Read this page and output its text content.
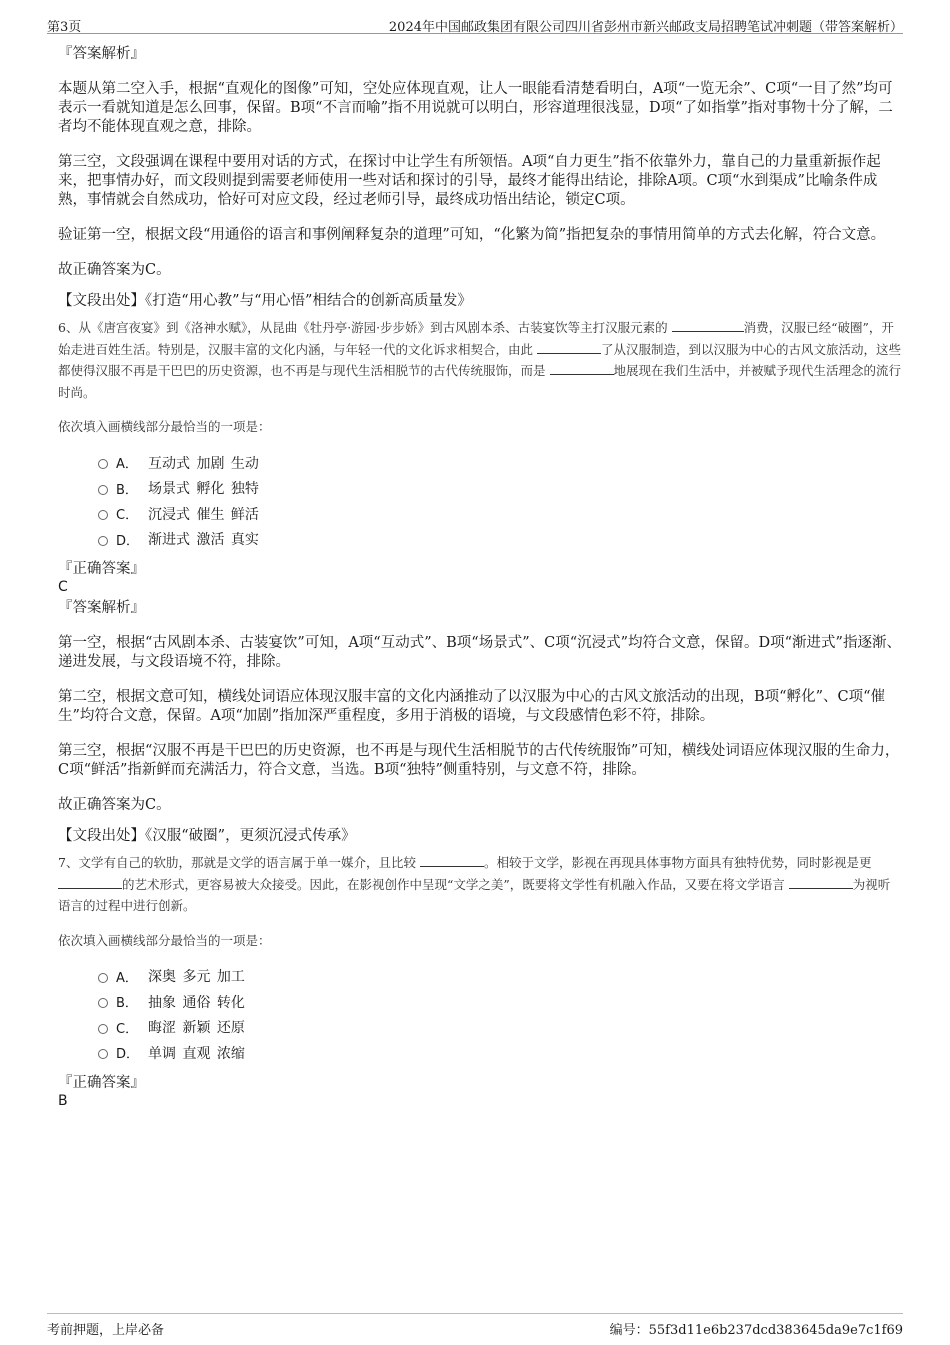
第3页	2024年中国邮政集团有限公司四川省彭州市新兴邮政支局招聘笔试冲刺题（带答案解析）
『答案解析』
本题从第二空入手，根据“直观化的图像”可知，空处应体现直观，让人一眼能看清楚看明白，A项“一览无余”、C项“一目了然”均可表示一看就知道是怎么回事，保留。B项“不言而喻”指不用说就可以明白，形容道理很浅显，D项“了如指掌”指对事物十分了解，二者均不能体现直观之意，排除。
第三空，文段强调在课程中要用对话的方式，在探讨中让学生有所领悟。A项“自力更生”指不依靠外力，靠自己的力量重新振作起来，把事情办好，而文段则提到需要老师使用一些对话和探讨的引导，最终才能得出结论，排除A项。C项“水到渠成”比喻条件成熟，事情就会自然成功，恰好可对应文段，经过老师引导，最终成功悟出结论，锁定C项。
验证第一空，根据文段“用通俗的语言和事例阐释复杂的道理”可知，“化繁为简”指把复杂的事情用简单的方式去化解，符合文意。
故正确答案为C。
【文段出处】《打造“用心教”与“用心悟”相结合的创新高质量发》
6、从《唐宫夜宴》到《洛神水赋》，从昆曲《牡丹亭·游园·步步娇》到古风剧本杀、古装宴饮等主打汉服元素的	消费，汉服已经“破圈”，开始走进百姓生活。特别是，汉服丰富的文化内涵，与年轻一代的文化诉求相契合，由此	了从汉服制造，到以汉服为中心的古风文旅活动，这些都使得汉服不再是干巴巴的历史资源，也不再是与现代生活相脱节的古代传统服饰，而是	地展现在我们生活中，并被赋予现代生活理念的流行时尚。
依次填入画横线部分最恰当的一项是：
A． 互动式 加剧 生动
B． 场景式 孵化 独特
C． 沉浸式 催生 鲜活
D． 渐进式 激活 真实
『正确答案』
C
『答案解析』
第一空，根据“古风剧本杀、古装宴饮”可知，A项“互动式”、B项“场景式”、C项“沉浸式”均符合文意，保留。D项“渐进式”指逐渐、递进发展，与文段语境不符，排除。
第二空，根据文意可知，横线处词语应体现汉服丰富的文化内涵推动了以汉服为中心的古风文旅活动的出现，B项“孵化”、C项“催生”均符合文意，保留。A项“加剧”指加深严重程度，多用于消极的语境，与文段感情色彩不符，排除。
第三空，根据“汉服不再是干巴巴的历史资源，也不再是与现代生活相脱节的古代传统服饰”可知，横线处词语应体现汉服的生命力，C项“鲜活”指新鲜而充满活力，符合文意，当选。B项“独特”侧重特别，与文意不符，排除。
故正确答案为C。
【文段出处】《汉服“破圈”，更须沉浸式传承》
7、文学有自己的软肋，那就是文学的语言属于单一媒介，且比较	。相较于文学，影视在再现具体事物方面具有独特优势，同时影视是更 的艺术形式，更容易被大众接受。因此，在影视创作中呈现“文学之美”，既要将文学性有机融入作品，又要在将文学语言	为视听语言的过程中进行创新。
依次填入画横线部分最恰当的一项是：
A． 深奥 多元 加工
B． 抽象 通俗 转化
C． 晦涩 新颖 还原
D． 单调 直观 浓缩
『正确答案』
B
考前押题，上岸必备	编号：55f3d11e6b237dcd383645da9e7c1f69
